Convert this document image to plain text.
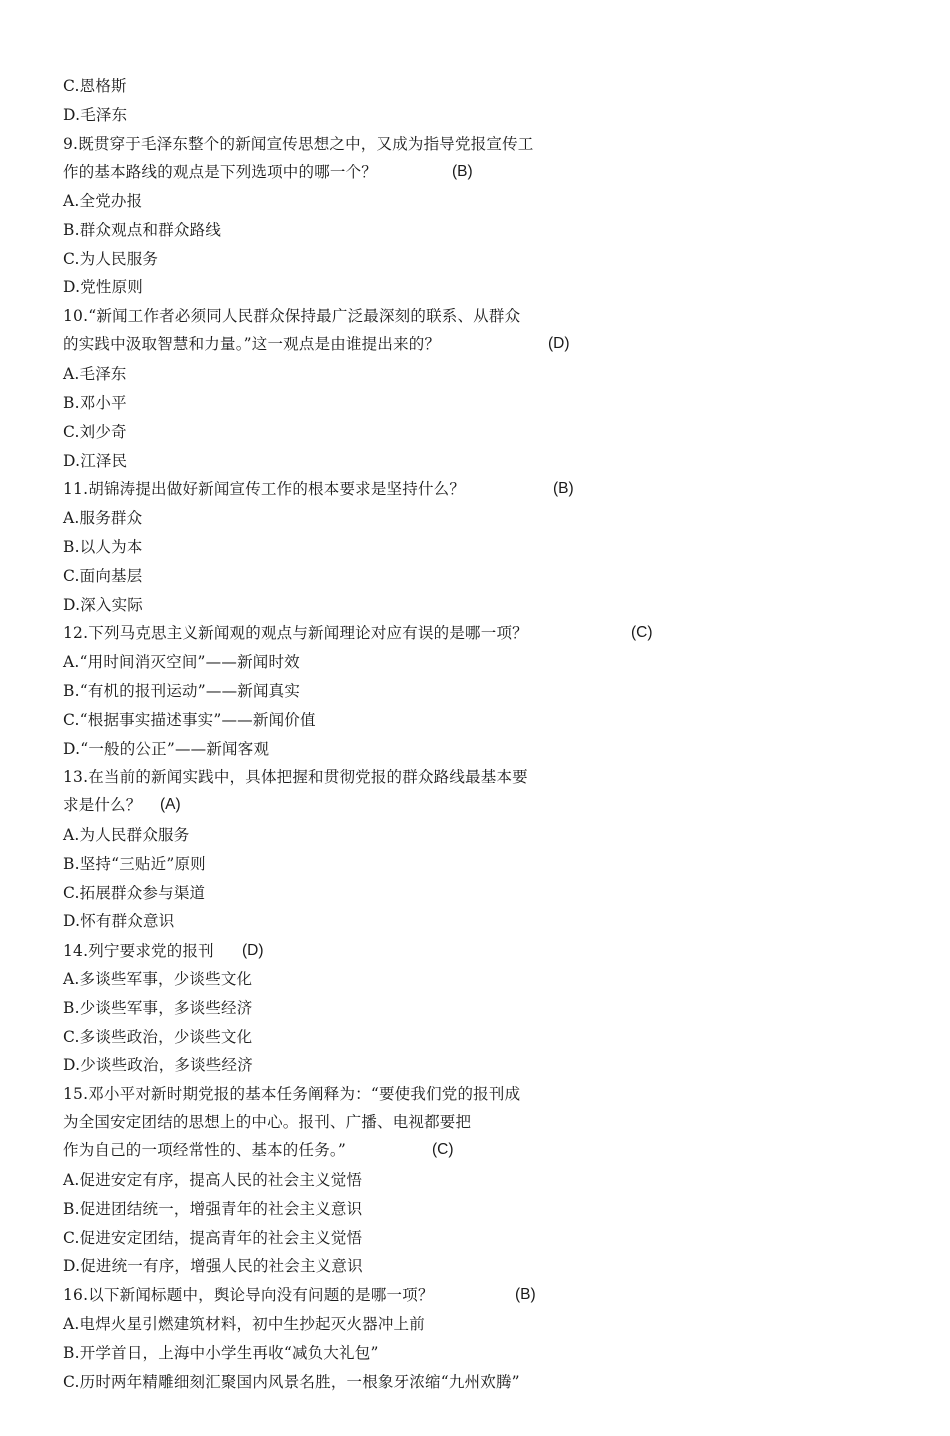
C.恩格斯
D.毛泽东
9.既贯穿于毛泽东整个的新闻宣传思想之中，又成为指导党报宣传工
作的基本路线的观点是下列选项中的哪一个？	(B)
A.全党办报
B.群众观点和群众路线
C.为人民服务
D.党性原则
10.“新闻工作者必须同人民群众保持最广泛最深刻的联系、从群众
的实践中汲取智慧和力量。”这一观点是由谁提出来的？	(D)
A.毛泽东
B.邓小平
C.刘少奇
D.江泽民
11.胡锦涛提出做好新闻宣传工作的根本要求是坚持什么？	(B)
A.服务群众
B.以人为本
C.面向基层
D.深入实际
12.下列马克思主义新闻观的观点与新闻理论对应有误的是哪一项？	(C)
A.“用时间消灭空间”——新闻时效
B.“有机的报刊运动”——新闻真实
C.“根据事实描述事实”——新闻价值
D.“一般的公正”——新闻客观
13.在当前的新闻实践中，具体把握和贯彻党报的群众路线最基本要
求是什么？ (A)
A.为人民群众服务
B.坚持“三贴近”原则
C.拓展群众参与渠道
D.怀有群众意识
14.列宁要求党的报刊 (D)
A.多谈些军事，少谈些文化
B.少谈些军事，多谈些经济
C.多谈些政治，少谈些文化
D.少谈些政治，多谈些经济
15.邓小平对新时期党报的基本任务阐释为：“要使我们党的报刊成
为全国安定团结的思想上的中心。报刊、广播、电视都要把
作为自己的一项经常性的、基本的任务。”	(C)
A.促进安定有序，提高人民的社会主义觉悟
B.促进团结统一，增强青年的社会主义意识
C.促进安定团结，提高青年的社会主义觉悟
D.促进统一有序，增强人民的社会主义意识
16.以下新闻标题中，舆论导向没有问题的是哪一项？	(B)
A.电焊火星引燃建筑材料，初中生抄起灭火器冲上前
B.开学首日，上海中小学生再收“减负大礼包”
C.历时两年精雕细刻汇聚国内风景名胜，一根象牙浓缩“九州欢腾”
